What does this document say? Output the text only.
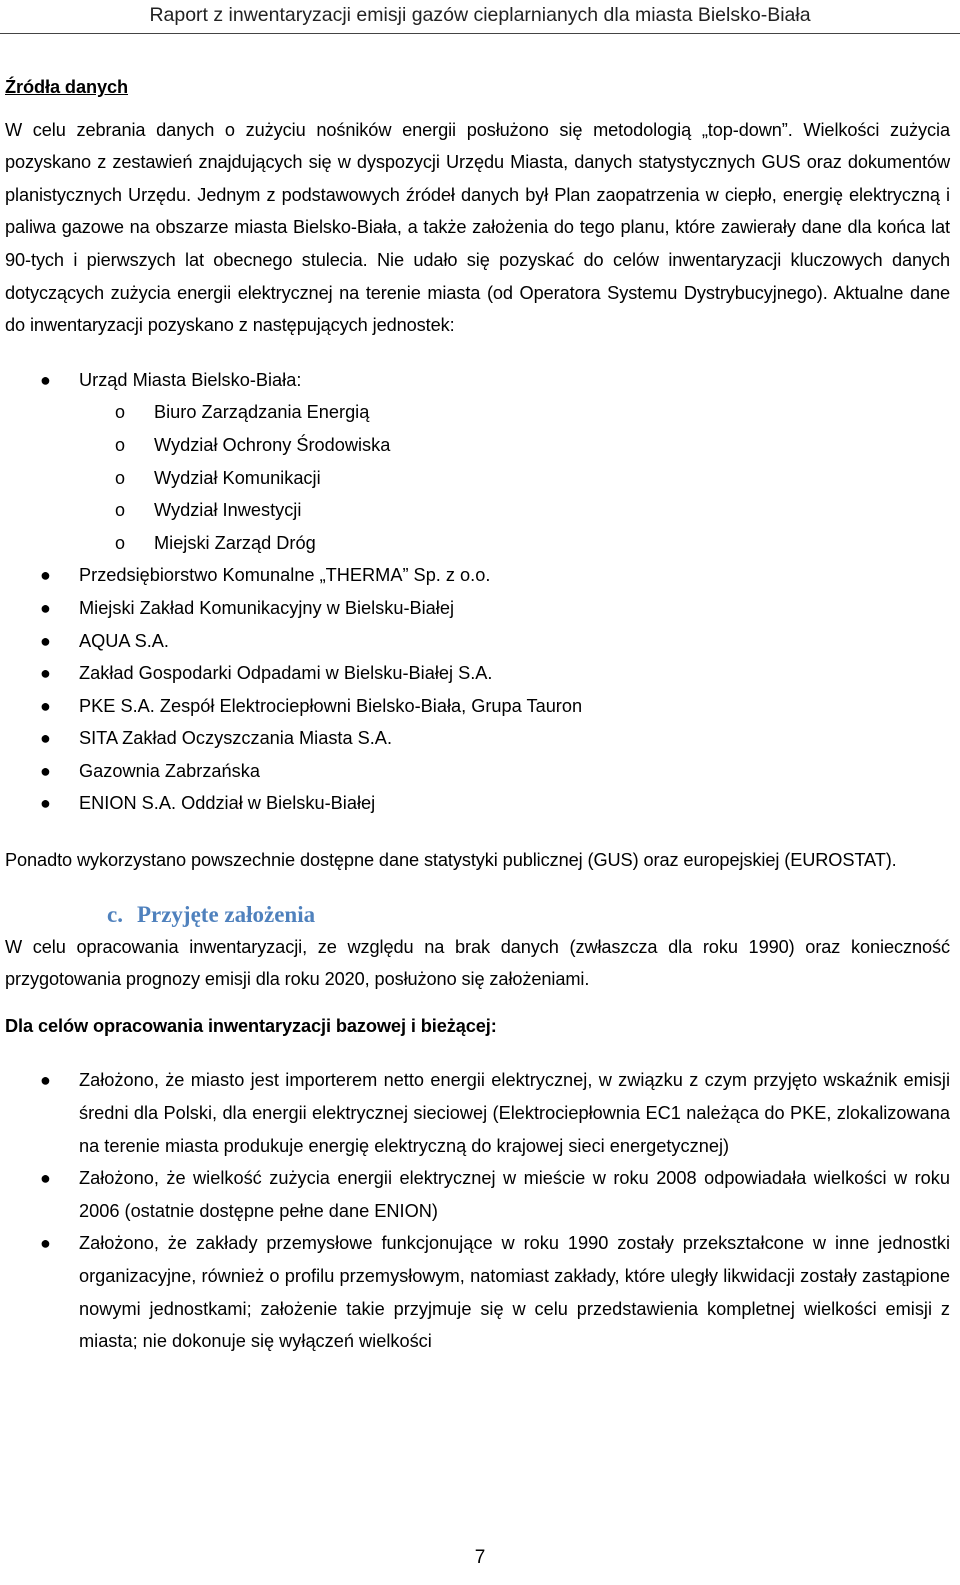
Raport z inwentaryzacji emisji gazów cieplarnianych dla miasta Bielsko-Biała

Źródła danych

W celu zebrania danych o zużyciu nośników energii posłużono się metodologią „top-down”. Wielkości zużycia pozyskano z zestawień znajdujących się w dyspozycji Urzędu Miasta, danych statystycznych GUS oraz dokumentów planistycznych Urzędu. Jednym z podstawowych źródeł danych był Plan zaopatrzenia w ciepło, energię elektryczną i paliwa gazowe na obszarze miasta Bielsko-Biała, a także założenia do tego planu, które zawierały dane dla końca lat 90-tych i pierwszych lat obecnego stulecia. Nie udało się pozyskać do celów inwentaryzacji kluczowych danych dotyczących zużycia energii elektrycznej na terenie miasta (od Operatora Systemu Dystrybucyjnego). Aktualne dane do inwentaryzacji pozyskano z następujących jednostek:

● Urząd Miasta Bielsko-Biała:
o Biuro Zarządzania Energią
o Wydział Ochrony Środowiska
o Wydział Komunikacji
o Wydział Inwestycji
o Miejski Zarząd Dróg
● Przedsiębiorstwo Komunalne „THERMA” Sp. z o.o.
● Miejski Zakład Komunikacyjny w Bielsku-Białej
● AQUA S.A.
● Zakład Gospodarki Odpadami w Bielsku-Białej S.A.
● PKE S.A. Zespół Elektrociepłowni Bielsko-Biała, Grupa Tauron
● SITA Zakład Oczyszczania Miasta S.A.
● Gazownia Zabrzańska
● ENION S.A. Oddział w Bielsku-Białej

Ponadto wykorzystano powszechnie dostępne dane statystyki publicznej (GUS) oraz europejskiej (EUROSTAT).

c. Przyjęte założenia

W celu opracowania inwentaryzacji, ze względu na brak danych (zwłaszcza dla roku 1990) oraz konieczność przygotowania prognozy emisji dla roku 2020, posłużono się założeniami.

Dla celów opracowania inwentaryzacji bazowej i bieżącej:

● Założono, że miasto jest importerem netto energii elektrycznej, w związku z czym przyjęto wskaźnik emisji średni dla Polski, dla energii elektrycznej sieciowej (Elektrociepłownia EC1 należąca do PKE, zlokalizowana na terenie miasta produkuje energię elektryczną do krajowej sieci energetycznej)
● Założono, że wielkość zużycia energii elektrycznej w mieście w roku 2008 odpowiadała wielkości w roku 2006 (ostatnie dostępne pełne dane ENION)
● Założono, że zakłady przemysłowe funkcjonujące w roku 1990 zostały przekształcone w inne jednostki organizacyjne, również o profilu przemysłowym, natomiast zakłady, które uległy likwidacji zostały zastąpione nowymi jednostkami; założenie takie przyjmuje się w celu przedstawienia kompletnej wielkości emisji z miasta; nie dokonuje się wyłączeń wielkości
7
